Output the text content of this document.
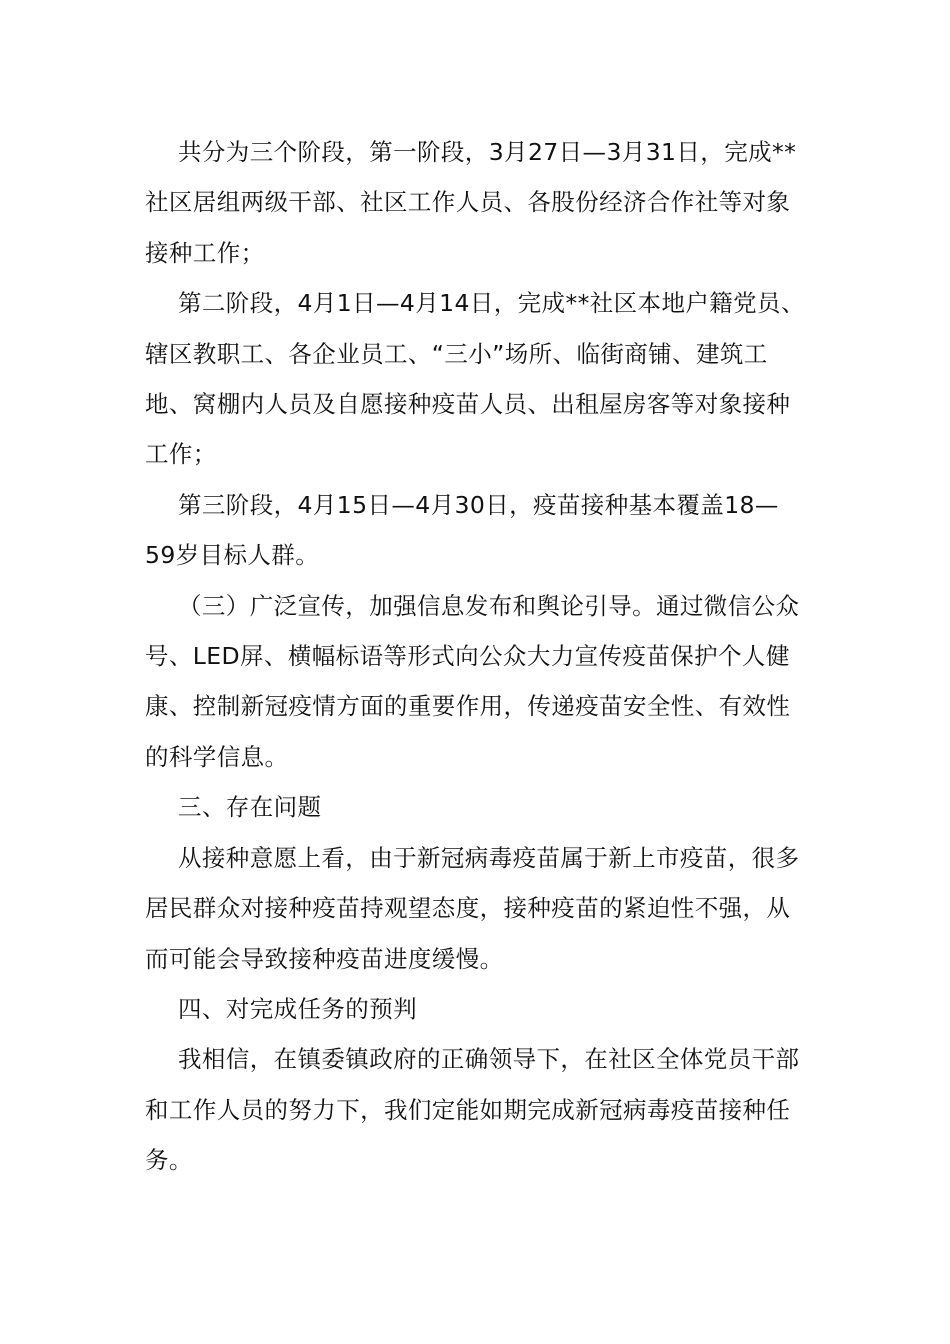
共分为三个阶段，第一阶段，3月27日—3月31日，完成**
社区居组两级干部、社区工作人员、各股份经济合作社等对象
接种工作；

第二阶段，4月1日—4月14日，完成**社区本地户籍党员、
辖区教职工、各企业员工、“三小”场所、临街商铺、建筑工
地、窝棚内人员及自愿接种疫苗人员、出租屋房客等对象接种
工作；

第三阶段，4月15日—4月30日，疫苗接种基本覆盖18—
59岁目标人群。

（三）广泛宣传，加强信息发布和舆论引导。通过微信公众
号、LED屏、横幅标语等形式向公众大力宣传疫苗保护个人健
康、控制新冠疫情方面的重要作用，传递疫苗安全性、有效性
的科学信息。

三、存在问题

从接种意愿上看，由于新冠病毒疫苗属于新上市疫苗，很多
居民群众对接种疫苗持观望态度，接种疫苗的紧迫性不强，从
而可能会导致接种疫苗进度缓慢。

四、对完成任务的预判

我相信，在镇委镇政府的正确领导下，在社区全体党员干部
和工作人员的努力下，我们定能如期完成新冠病毒疫苗接种任
务。
